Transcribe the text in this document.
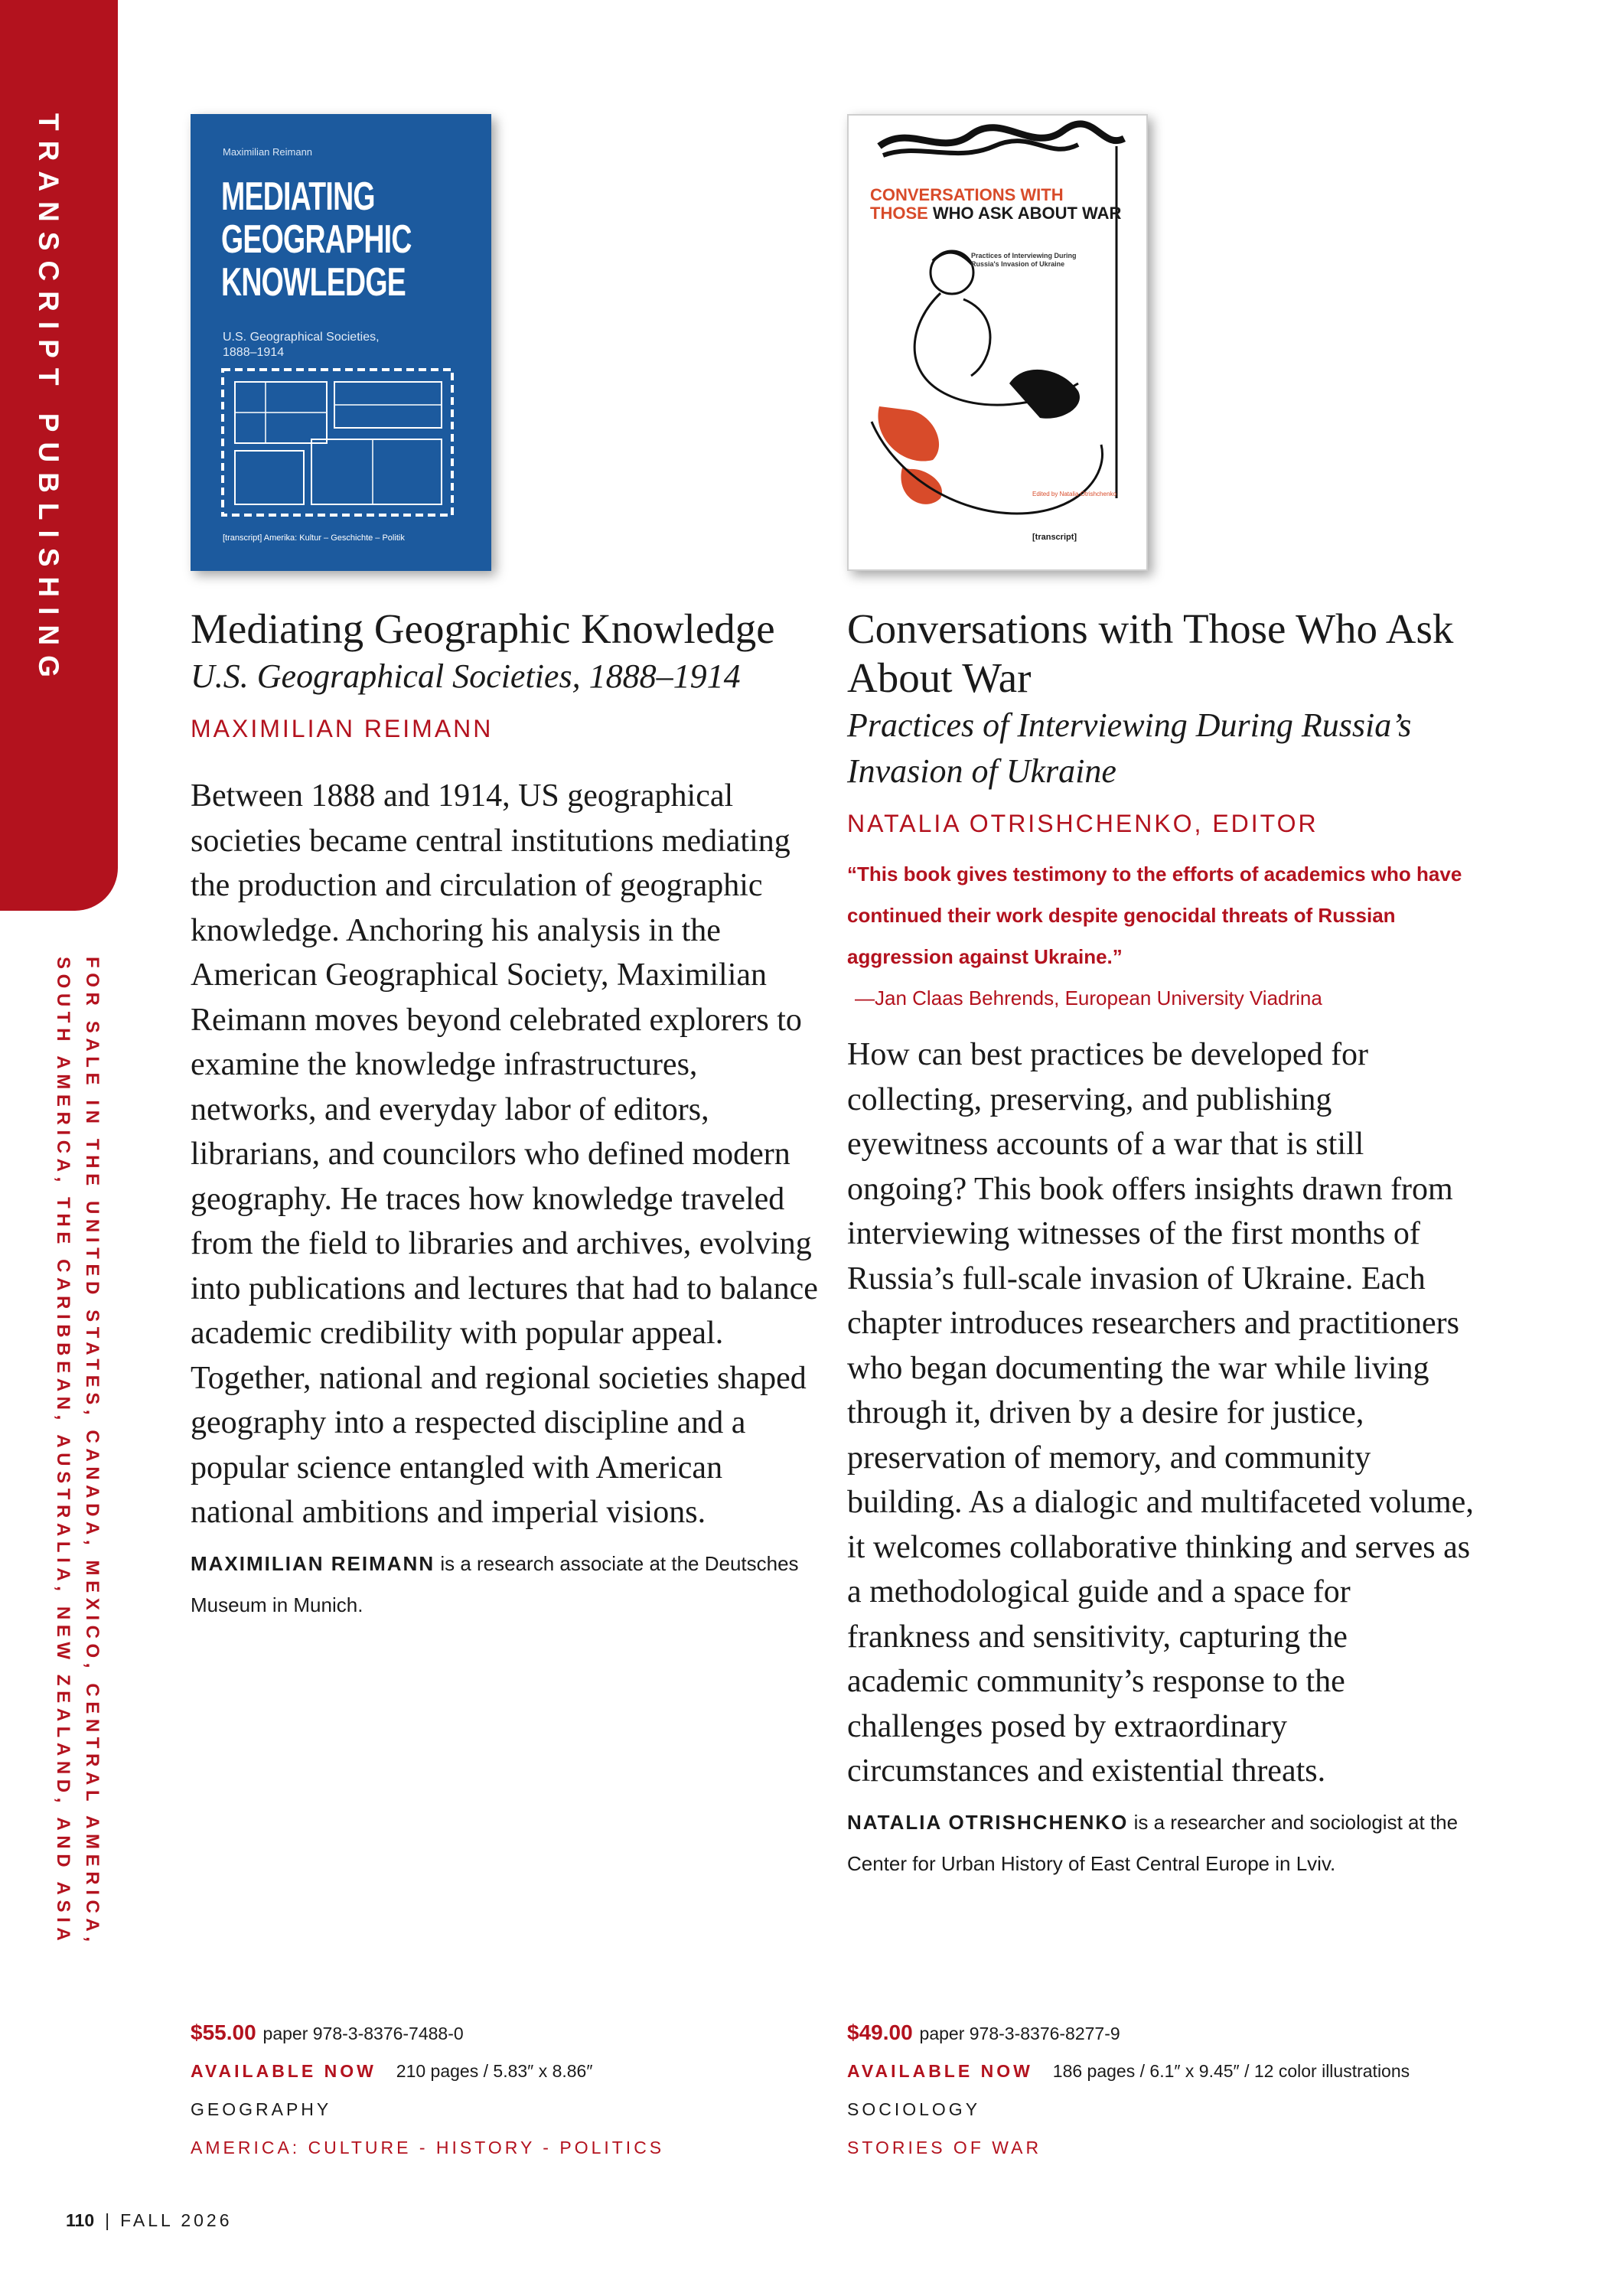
TRANSCRIPT PUBLISHING
FOR SALE IN THE UNITED STATES, CANADA, MEXICO, CENTRAL AMERICA,
SOUTH AMERICA, THE CARIBBEAN, AUSTRALIA, NEW ZEALAND, AND ASIA
Maximilian Reimann
MEDIATING
GEOGRAPHIC
KNOWLEDGE
U.S. Geographical Societies, 1888–1914
[transcript] Amerika: Kultur – Geschichte – Politik
CONVERSATIONS WITH THOSE WHO ASK ABOUT WAR
Practices of Interviewing During Russia's Invasion of Ukraine
Edited by Natalia Otrishchenko
[transcript]
Mediating Geographic Knowledge
U.S. Geographical Societies, 1888–1914
MAXIMILIAN REIMANN
Between 1888 and 1914, US geographical societies became central institutions mediating the production and circulation of geographic knowledge. Anchoring his analysis in the American Geographical Society, Maximilian Reimann moves beyond celebrated explorers to examine the knowledge infrastructures, networks, and everyday labor of editors, librarians, and councilors who defined modern geography. He traces how knowledge traveled from the field to libraries and archives, evolving into publications and lectures that had to balance academic credibility with popular appeal. Together, national and regional societies shaped geography into a respected discipline and a popular science entangled with American national ambitions and imperial visions.
MAXIMILIAN REIMANN is a research associate at the Deutsches Museum in Munich.
Conversations with Those Who Ask About War
Practices of Interviewing During Russia’s Invasion of Ukraine
NATALIA OTRISHCHENKO, EDITOR
“This book gives testimony to the efforts of academics who have continued their work despite genocidal threats of Russian aggression against Ukraine.”
—Jan Claas Behrends, European University Viadrina
How can best practices be developed for collecting, preserving, and publishing eyewitness accounts of a war that is still ongoing? This book offers insights drawn from interviewing witnesses of the first months of Russia’s full-scale invasion of Ukraine. Each chapter introduces researchers and practitioners who began documenting the war while living through it, driven by a desire for justice, preservation of memory, and community building. As a dialogic and multifaceted volume, it welcomes collaborative thinking and serves as a methodological guide and a space for frankness and sensitivity, capturing the academic community’s response to the challenges posed by extraordinary circumstances and existential threats.
NATALIA OTRISHCHENKO is a researcher and sociologist at the Center for Urban History of East Central Europe in Lviv.
$55.00 paper 978-3-8376-7488-0
AVAILABLE NOW 210 pages / 5.83″ x 8.86″
GEOGRAPHY
AMERICA: CULTURE - HISTORY - POLITICS
$49.00 paper 978-3-8376-8277-9
AVAILABLE NOW 186 pages / 6.1″ x 9.45″ / 12 color illustrations
SOCIOLOGY
STORIES OF WAR
110 | FALL 2026
